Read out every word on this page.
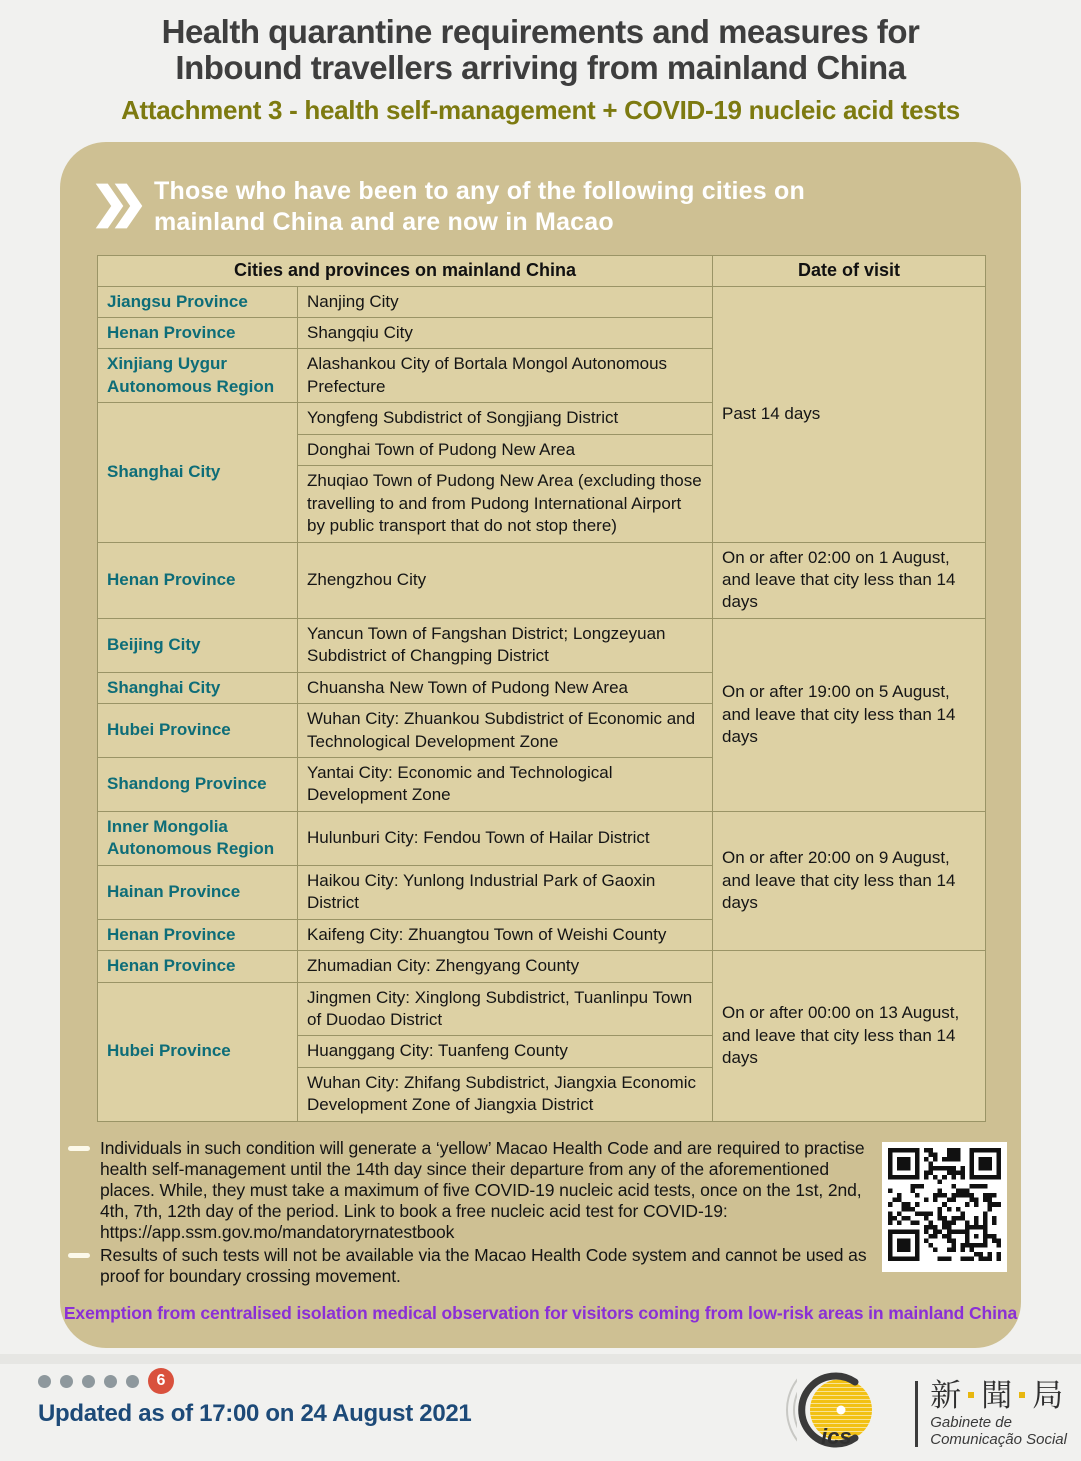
Health quarantine requirements and measures for
Inbound travellers arriving from mainland China
Attachment 3 - health self-management + COVID-19 nucleic acid tests
Those who have been to any of the following cities on
mainland China and are now in Macao
Cities and provinces on mainland China		Date of visit
Jiangsu Province	Nanjing City	Past 14 days
Henan Province	Shangqiu City	
Xinjiang Uygur Autonomous Region	Alashankou City of Bortala Mongol Autonomous Prefecture	
Shanghai City	Yongfeng Subdistrict of Songjiang District	
	Donghai Town of Pudong New Area	
	Zhuqiao Town of Pudong New Area (excluding those travelling to and from Pudong International Airport by public transport that do not stop there)	
Henan Province	Zhengzhou City	On or after 02:00 on 1 August, and leave that city less than 14 days
Beijing City	Yancun Town of Fangshan District; Longzeyuan Subdistrict of Changping District	On or after 19:00 on 5 August, and leave that city less than 14 days
Shanghai City	Chuansha New Town of Pudong New Area	
Hubei Province	Wuhan City: Zhuankou Subdistrict of Economic and Technological Development Zone	
Shandong Province	Yantai City: Economic and Technological Development Zone	
Inner Mongolia Autonomous Region	Hulunburi City: Fendou Town of Hailar District	On or after 20:00 on 9 August, and leave that city less than 14 days
Hainan Province	Haikou City: Yunlong Industrial Park of Gaoxin District	
Henan Province	Kaifeng City: Zhuangtou Town of Weishi County	
Henan Province	Zhumadian City: Zhengyang County	On or after 00:00 on 13 August, and leave that city less than 14 days
Hubei Province	Jingmen City: Xinglong Subdistrict, Tuanlinpu Town of Duodao District	
	Huanggang City: Tuanfeng County	
	Wuhan City: Zhifang Subdistrict, Jiangxia Economic Development Zone of Jiangxia District	
Individuals in such condition will generate a ‘yellow’ Macao Health Code and are required to practise health self-management until the 14th day since their departure from any of the aforementioned places. While, they must take a maximum of five COVID-19 nucleic acid tests, once on the 1st, 2nd, 4th, 7th, 12th day of the period. Link to book a free nucleic acid test for COVID-19: https://app.ssm.gov.mo/mandatoryrnatestbook
Results of such tests will not be available via the Macao Health Code system and cannot be used as proof for boundary crossing movement.
Exemption from centralised isolation medical observation for visitors coming from low-risk areas in mainland China
6
Updated as of 17:00 on 24 August 2021
ics
新 聞 局
Gabinete de
Comunicação Social
